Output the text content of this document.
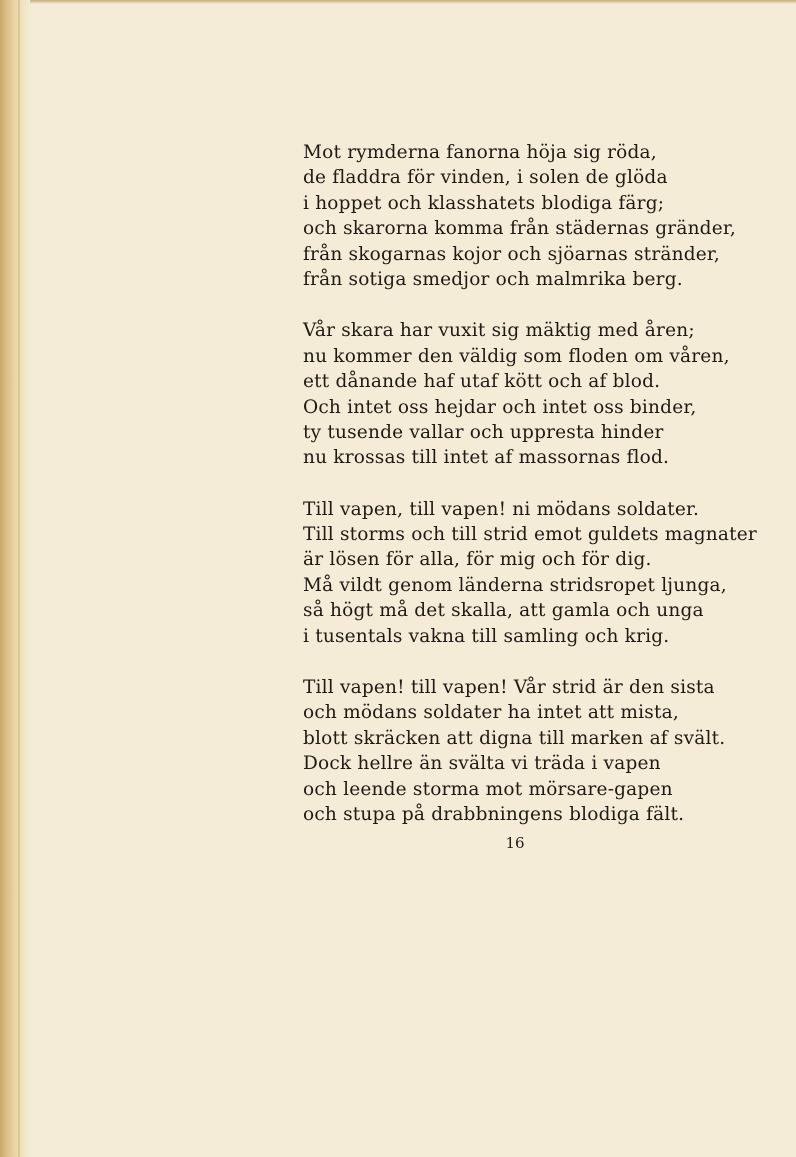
Mot rymderna fanorna höja sig röda,
de fladdra för vinden, i solen de glöda
i hoppet och klasshatets blodiga färg;
och skarorna komma från städernas gränder,
från skogarnas kojor och sjöarnas stränder,
från sotiga smedjor och malmrika berg.
Vår skara har vuxit sig mäktig med åren;
nu kommer den väldig som floden om våren,
ett dånande haf utaf kött och af blod.
Och intet oss hejdar och intet oss binder,
ty tusende vallar och uppresta hinder
nu krossas till intet af massornas flod.
Till vapen, till vapen! ni mödans soldater.
Till storms och till strid emot guldets magnater
är lösen för alla, för mig och för dig.
Må vildt genom länderna stridsropet ljunga,
så högt må det skalla, att gamla och unga
i tusentals vakna till samling och krig.
Till vapen! till vapen! Vår strid är den sista
och mödans soldater ha intet att mista,
blott skräcken att digna till marken af svält.
Dock hellre än svälta vi träda i vapen
och leende storma mot mörsare-gapen
och stupa på drabbningens blodiga fält.
16
